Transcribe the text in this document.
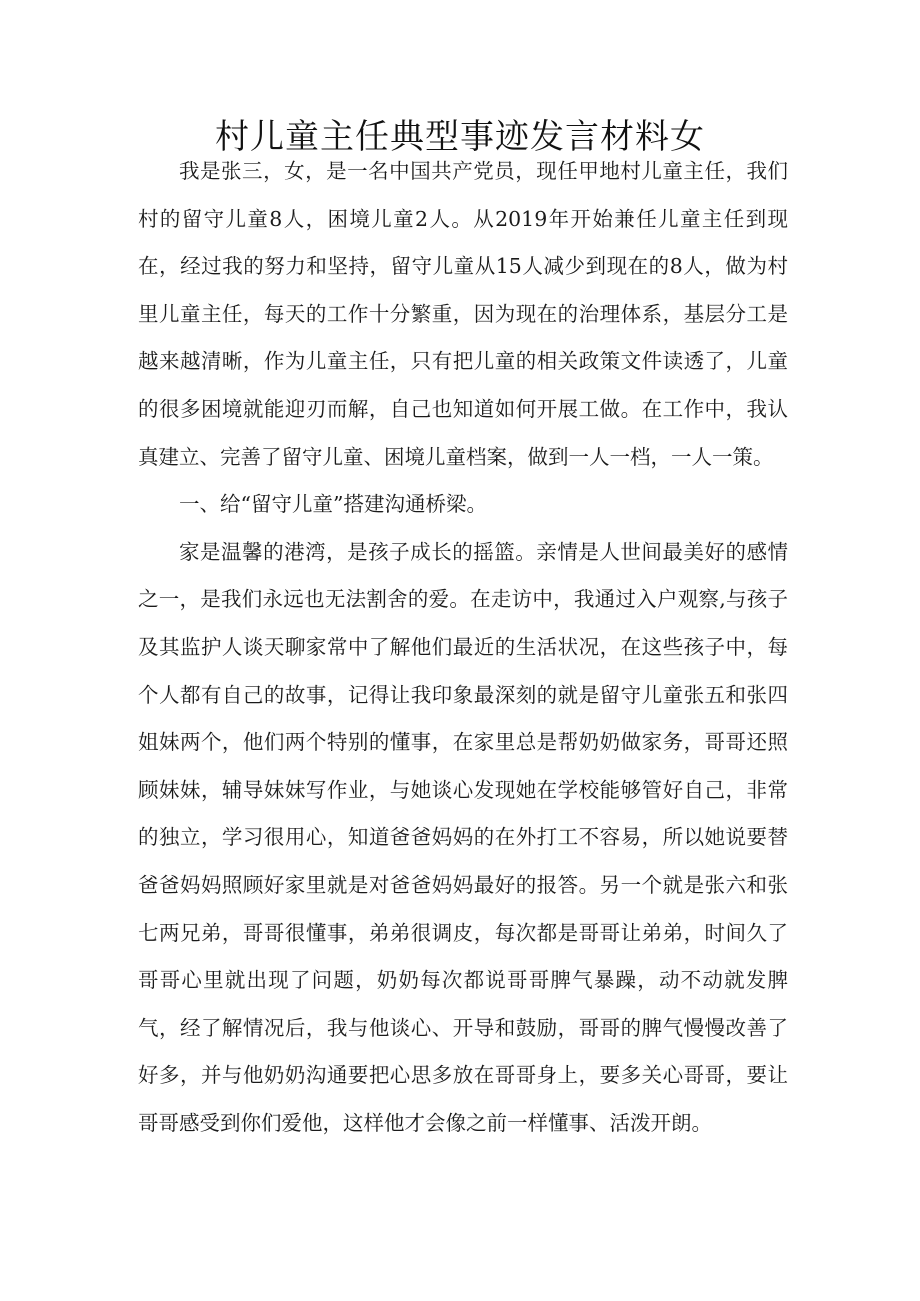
村儿童主任典型事迹发言材料女

我是张三，女，是一名中国共产党员，现任甲地村儿童主任，我们村的留守儿童8人，困境儿童2人。从2019年开始兼任儿童主任到现在，经过我的努力和坚持，留守儿童从15人减少到现在的8人，做为村里儿童主任，每天的工作十分繁重，因为现在的治理体系，基层分工是越来越清晰，作为儿童主任，只有把儿童的相关政策文件读透了，儿童的很多困境就能迎刃而解，自己也知道如何开展工做。在工作中，我认真建立、完善了留守儿童、困境儿童档案，做到一人一档，一人一策。

一、给“留守儿童”搭建沟通桥梁。

家是温馨的港湾，是孩子成长的摇篮。亲情是人世间最美好的感情之一，是我们永远也无法割舍的爱。在走访中，我通过入户观察,与孩子及其监护人谈天聊家常中了解他们最近的生活状况，在这些孩子中，每个人都有自己的故事，记得让我印象最深刻的就是留守儿童张五和张四姐妹两个，他们两个特别的懂事，在家里总是帮奶奶做家务，哥哥还照顾妹妹，辅导妹妹写作业，与她谈心发现她在学校能够管好自己，非常的独立，学习很用心，知道爸爸妈妈的在外打工不容易，所以她说要替爸爸妈妈照顾好家里就是对爸爸妈妈最好的报答。另一个就是张六和张七两兄弟，哥哥很懂事，弟弟很调皮，每次都是哥哥让弟弟，时间久了哥哥心里就出现了问题，奶奶每次都说哥哥脾气暴躁，动不动就发脾气，经了解情况后，我与他谈心、开导和鼓励，哥哥的脾气慢慢改善了好多，并与他奶奶沟通要把心思多放在哥哥身上，要多关心哥哥，要让哥哥感受到你们爱他，这样他才会像之前一样懂事、活泼开朗。
